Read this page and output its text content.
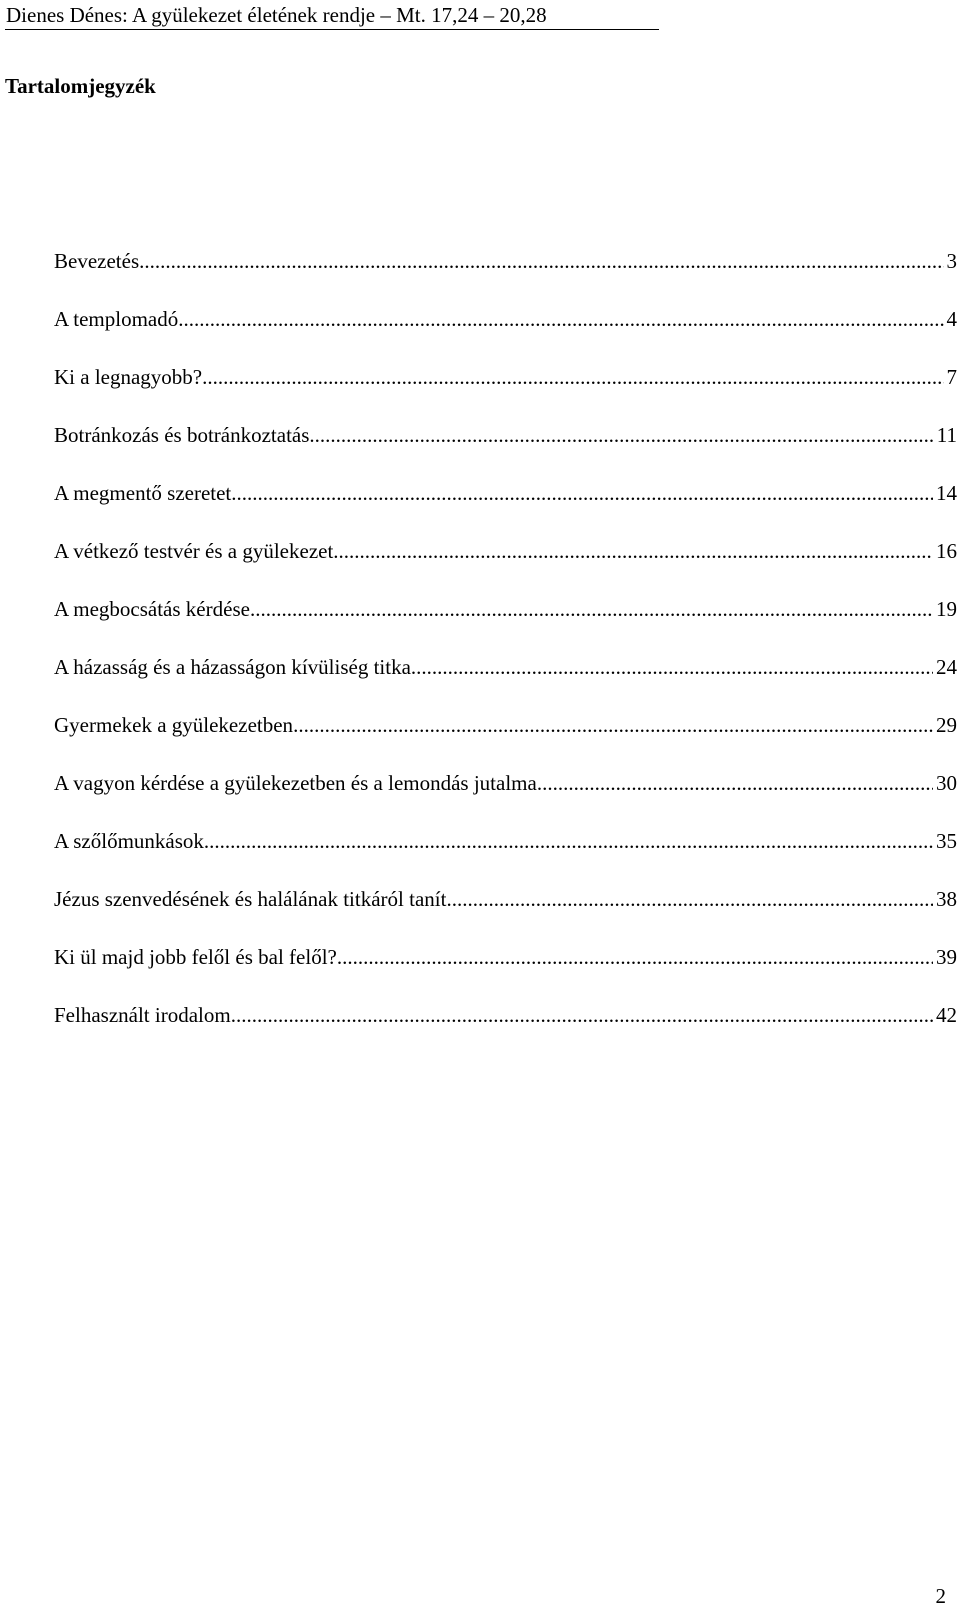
Dienes Dénes: A gyülekezet életének rendje – Mt. 17,24 – 20,28
Tartalomjegyzék
Bevezetés .....	3
A templomadó .....	4
Ki a legnagyobb? .....	7
Botránkozás és botránkoztatás .....	11
A megmentő szeretet .....	14
A vétkező testvér és a gyülekezet .....	16
A megbocsátás kérdése .....	19
A házasság és a házasságon kívüliség titka .....	24
Gyermekek a gyülekezetben .....	29
A vagyon kérdése a gyülekezetben és a lemondás jutalma .....	30
A szőlőmunkások .....	35
Jézus szenvedésének és halálának titkáról tanít .....	38
Ki ül majd jobb felől és bal felől? .....	39
Felhasznált irodalom .....	42
2
